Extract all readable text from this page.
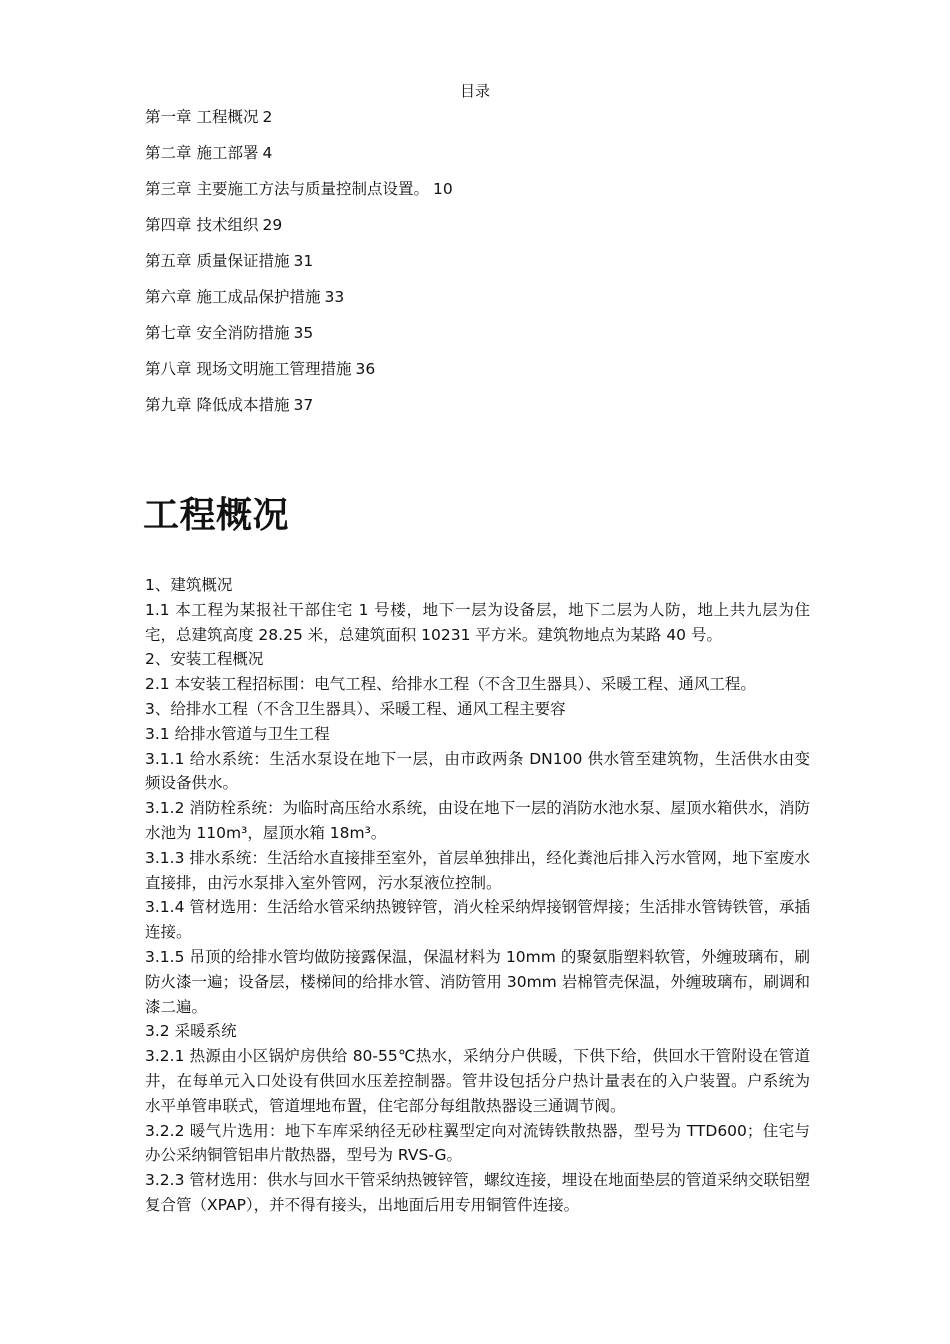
目录
第一章 工程概况 2
第二章 施工部署 4
第三章 主要施工方法与质量控制点设置。 10
第四章 技术组织 29
第五章 质量保证措施 31
第六章 施工成品保护措施 33
第七章 安全消防措施 35
第八章 现场文明施工管理措施 36
第九章 降低成本措施 37
工程概况

1、建筑概况

1.1 本工程为某报社干部住宅 1 号楼，地下一层为设备层，地下二层为人防，地上共九层为住宅，总建筑高度 28.25 米，总建筑面积 10231 平方米。建筑物地点为某路 40 号。

2、安装工程概况

2.1 本安装工程招标围：电气工程、给排水工程（不含卫生器具）、采暖工程、通风工程。

3、给排水工程（不含卫生器具）、采暖工程、通风工程主要容

3.1 给排水管道与卫生工程

3.1.1 给水系统：生活水泵设在地下一层，由市政两条 DN100 供水管至建筑物，生活供水由变频设备供水。

3.1.2 消防栓系统：为临时高压给水系统，由设在地下一层的消防水池水泵、屋顶水箱供水，消防水池为 110m³，屋顶水箱 18m³。

3.1.3 排水系统：生活给水直接排至室外，首层单独排出，经化粪池后排入污水管网，地下室废水直接排，由污水泵排入室外管网，污水泵液位控制。

3.1.4 管材选用：生活给水管采纳热镀锌管，消火栓采纳焊接钢管焊接；生活排水管铸铁管，承插连接。

3.1.5 吊顶的给排水管均做防接露保温，保温材料为 10mm 的聚氨脂塑料软管，外缠玻璃布，刷防火漆一遍；设备层，楼梯间的给排水管、消防管用 30mm 岩棉管壳保温，外缠玻璃布，刷调和漆二遍。

3.2 采暖系统

3.2.1 热源由小区锅炉房供给 80-55℃热水，采纳分户供暖，下供下给，供回水干管附设在管道井，在每单元入口处设有供回水压差控制器。管井设包括分户热计量表在的入户装置。户系统为水平单管串联式，管道埋地布置，住宅部分每组散热器设三通调节阀。

3.2.2 暖气片选用：地下车库采纳径无砂柱翼型定向对流铸铁散热器，型号为 TTD600；住宅与办公采纳铜管铝串片散热器，型号为 RVS-G。

3.2.3 管材选用：供水与回水干管采纳热镀锌管，螺纹连接，埋设在地面垫层的管道采纳交联铝塑复合管（XPAP），并不得有接头，出地面后用专用铜管件连接。
